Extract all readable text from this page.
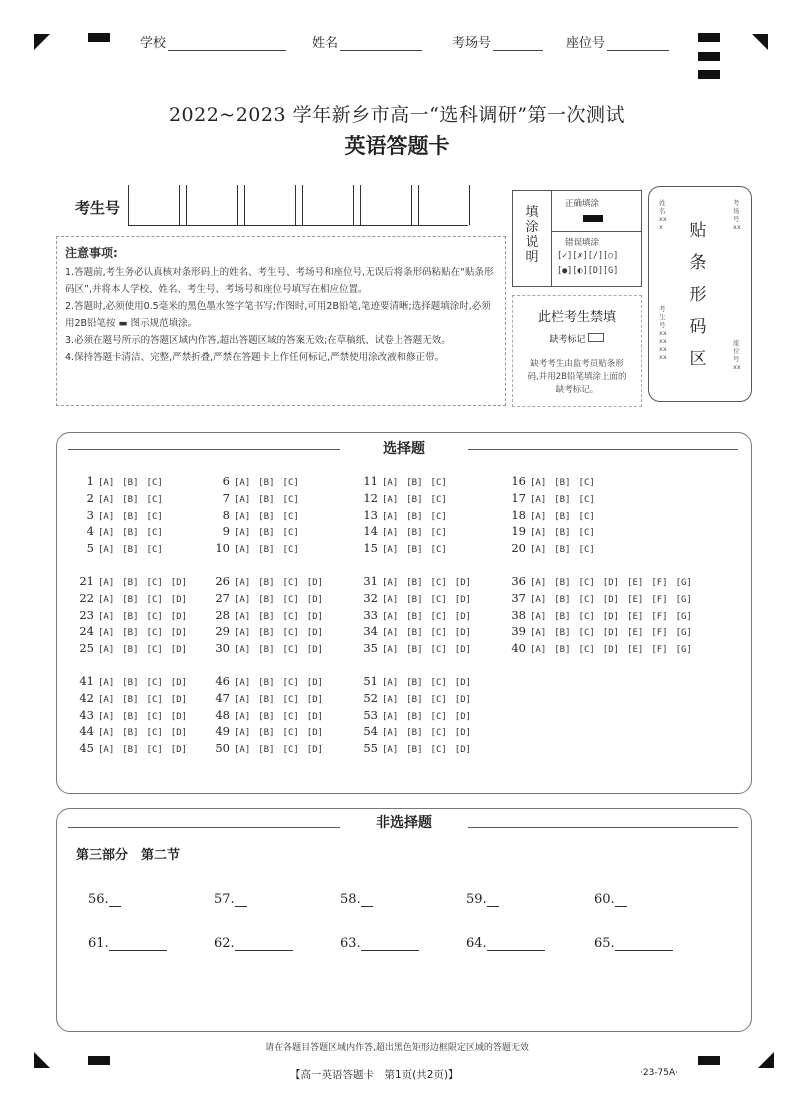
学校	姓名	考场号	座位号
2022~2023 学年新乡市高一“选科调研”第一次测试
英语答题卡
考生号
注意事项:
1.答题前,考生务必认真核对条形码上的姓名、考生号、考场号和座位号,无误后将条形码粘贴在“贴条形码区”,并将本人学校、姓名、考生号、考场号和座位号填写在相应位置。
2.答题时,必须使用0.5毫米的黑色墨水签字笔书写;作图时,可用2B铅笔,笔迹要清晰;选择题填涂时,必须用2B铅笔按 ▬ 图示规范填涂。
3.必须在题号所示的答题区域内作答,超出答题区域的答案无效;在草稿纸、试卷上答题无效。
4.保持答题卡清洁、完整,严禁折叠,严禁在答题卡上作任何标记,严禁使用涂改液和修正带。
填涂说明
正确填涂
错误填涂
[✓][✗][/][○]
[●][◐][D][G]
此栏考生禁填
缺考标记
缺考考生由监考员贴条形码,并用2B铅笔填涂上面的缺考标记。
贴条形码区
姓名xxx
考场号xx
考生号xxxxxxxx
座位号xx
选择题
1 [A] [B] [C]
2 [A] [B] [C]
3 [A] [B] [C]
4 [A] [B] [C]
5 [A] [B] [C]
6 [A] [B] [C]
7 [A] [B] [C]
8 [A] [B] [C]
9 [A] [B] [C]
10 [A] [B] [C]
11 [A] [B] [C]
12 [A] [B] [C]
13 [A] [B] [C]
14 [A] [B] [C]
15 [A] [B] [C]
16 [A] [B] [C]
17 [A] [B] [C]
18 [A] [B] [C]
19 [A] [B] [C]
20 [A] [B] [C]
21 [A] [B] [C] [D]
22 [A] [B] [C] [D]
23 [A] [B] [C] [D]
24 [A] [B] [C] [D]
25 [A] [B] [C] [D]
26 [A] [B] [C] [D]
27 [A] [B] [C] [D]
28 [A] [B] [C] [D]
29 [A] [B] [C] [D]
30 [A] [B] [C] [D]
31 [A] [B] [C] [D]
32 [A] [B] [C] [D]
33 [A] [B] [C] [D]
34 [A] [B] [C] [D]
35 [A] [B] [C] [D]
36 [A] [B] [C] [D] [E] [F] [G]
37 [A] [B] [C] [D] [E] [F] [G]
38 [A] [B] [C] [D] [E] [F] [G]
39 [A] [B] [C] [D] [E] [F] [G]
40 [A] [B] [C] [D] [E] [F] [G]
41 [A] [B] [C] [D]
42 [A] [B] [C] [D]
43 [A] [B] [C] [D]
44 [A] [B] [C] [D]
45 [A] [B] [C] [D]
46 [A] [B] [C] [D]
47 [A] [B] [C] [D]
48 [A] [B] [C] [D]
49 [A] [B] [C] [D]
50 [A] [B] [C] [D]
51 [A] [B] [C] [D]
52 [A] [B] [C] [D]
53 [A] [B] [C] [D]
54 [A] [B] [C] [D]
55 [A] [B] [C] [D]
非选择题
第三部分　第二节
56.	57.	58.	59.	60.
61.	62.	63.	64.	65.
请在各题目答题区域内作答,超出黑色矩形边框限定区域的答题无效
【高一英语答题卡　第1页(共2页)】	·23-75A·
